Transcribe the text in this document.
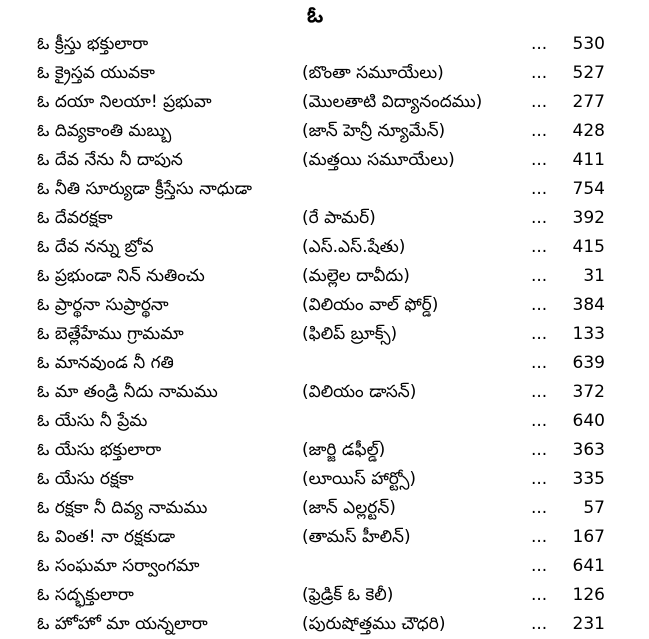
ఓ
ఓ క్రీస్తు భక్తులారా	... 530
ఓ క్రైస్తవ యువకా	(బొంతా సమూయేలు)	... 527
ఓ దయా నిలయా! ప్రభువా	(మొలతాటి విద్యానందము)	... 277
ఓ దివ్యకాంతి మబ్బు	(జాన్ హెన్రీ న్యూమేన్)	... 428
ఓ దేవ నేను నీ దాపున	(మత్తయి సమూయేలు)	... 411
ఓ నీతి సూర్యుడా క్రీస్తేసు నాధుడా	... 754
ఓ దేవరక్షకా	(రే పామర్)	... 392
ఓ దేవ నన్ను బ్రోవ	(ఎస్.ఎస్.షేతు)	... 415
ఓ ప్రభుండా నిన్ నుతించు	(మల్లెల దావీదు)	... 31
ఓ ప్రార్థనా సుప్రార్థనా	(విలియం వాల్ ఫోర్డ్)	... 384
ఓ బెత్లేహేము గ్రామమా	(ఫిలిప్ బ్రూక్స్)	... 133
ఓ మానవుండ నీ గతి	... 639
ఓ మా తండ్రి నీదు నామము	(విలియం డాసన్)	... 372
ఓ యేసు నీ ప్రేమ	... 640
ఓ యేసు భక్తులారా	(జార్జి డఫీల్డ్)	... 363
ఓ యేసు రక్షకా	(లూయిస్ హార్ట్సో)	... 335
ఓ రక్షకా నీ దివ్య నామము	(జాన్ ఎల్లర్టన్)	... 57
ఓ వింత! నా రక్షకుడా	(తామస్ హీలిన్)	... 167
ఓ సంఘమా సర్వాంగమా	... 641
ఓ సద్భక్తులారా	(ఫ్రెడ్రిక్ ఓ కెలీ)	... 126
ఓ హోహో మా యన్నలారా	(పురుషోత్తము చౌధరి)	... 231
